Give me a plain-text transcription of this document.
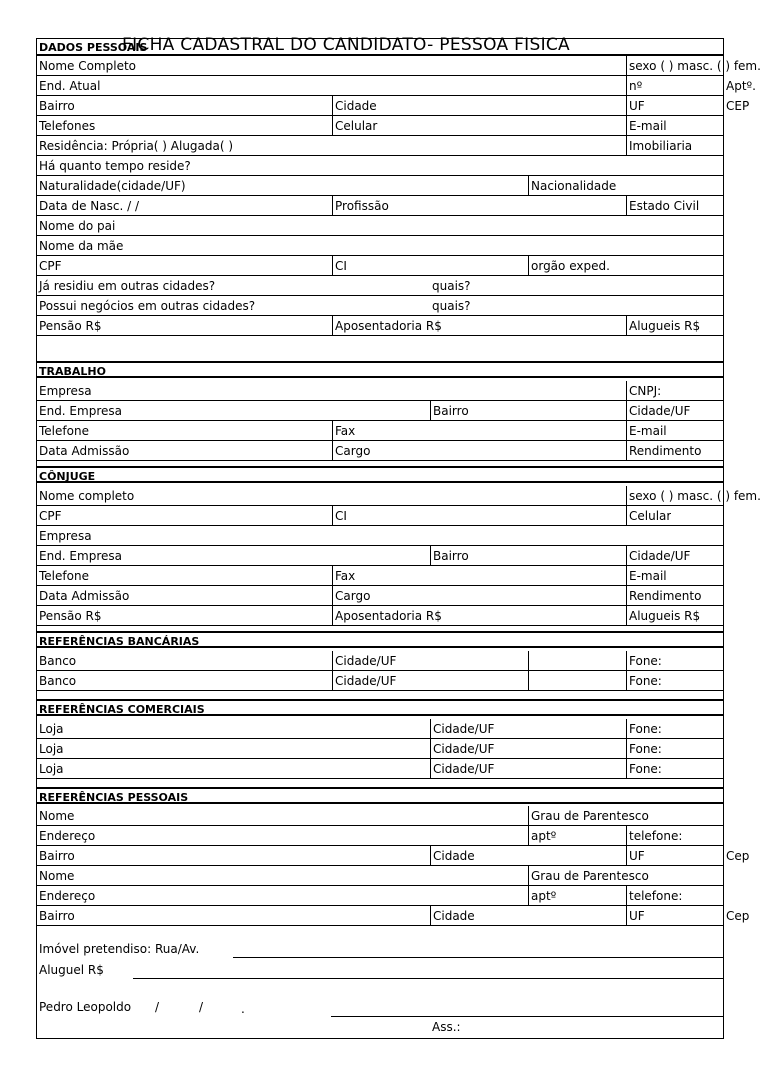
FICHA CADASTRAL DO CANDIDATO- PESSOA FISICA
DADOS PESSOAIS
Nome Completo	sexo ( ) masc. ( ) fem.
End. Atual	nº	Aptº.
Bairro	Cidade	UF	CEP
Telefones	Celular	E-mail
Residência: Própria( ) Alugada( )	Imobiliaria
Há quanto tempo reside?
Naturalidade(cidade/UF)	Nacionalidade
Data de Nasc. / /	Profissão	Estado Civil
Nome do pai
Nome da mãe
CPF	CI	orgão exped.
Já residiu em outras cidades?	quais?
Possui negócios em outras cidades?	quais?
Pensão R$	Aposentadoria R$	Alugueis R$
TRABALHO
Empresa	CNPJ:
End. Empresa	Bairro	Cidade/UF
Telefone	Fax	E-mail
Data Admissão	Cargo	Rendimento
CÔNJUGE
Nome completo	sexo ( ) masc. ( ) fem.
CPF	CI	Celular
Empresa
End. Empresa	Bairro	Cidade/UF
Telefone	Fax	E-mail
Data Admissão	Cargo	Rendimento
Pensão R$	Aposentadoria R$	Alugueis R$
REFERÊNCIAS BANCÁRIAS
Banco	Cidade/UF	Fone:
Banco	Cidade/UF	Fone:
REFERÊNCIAS COMERCIAIS
Loja	Cidade/UF	Fone:
Loja	Cidade/UF	Fone:
Loja	Cidade/UF	Fone:
REFERÊNCIAS PESSOAIS
Nome	Grau de Parentesco
Endereço	aptº	telefone:
Bairro	Cidade	UF	Cep
Nome	Grau de Parentesco
Endereço	aptº	telefone:
Bairro	Cidade	UF	Cep
Imóvel pretendiso: Rua/Av.
Aluguel R$
Pedro Leopoldo /	/	.
Ass.:
